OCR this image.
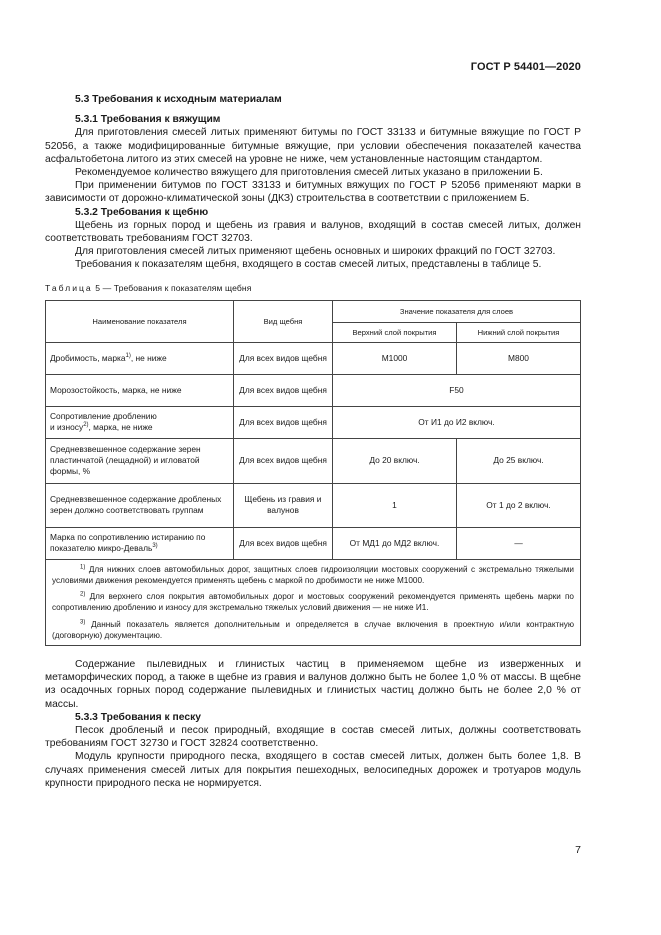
ГОСТ Р 54401—2020
5.3 Требования к исходным материалам
5.3.1 Требования к вяжущим

Для приготовления смесей литых применяют битумы по ГОСТ 33133 и битумные вяжущие по ГОСТ Р 52056, а также модифицированные битумные вяжущие, при условии обеспечения показателей качества асфальтобетона литого из этих смесей на уровне не ниже, чем установленные настоящим стандартом.

Рекомендуемое количество вяжущего для приготовления смесей литых указано в приложении Б.

При применении битумов по ГОСТ 33133 и битумных вяжущих по ГОСТ Р 52056 применяют марки в зависимости от дорожно-климатической зоны (ДКЗ) строительства в соответствии с приложением Б.

5.3.2 Требования к щебню

Щебень из горных пород и щебень из гравия и валунов, входящий в состав смесей литых, должен соответствовать требованиям ГОСТ 32703.

Для приготовления смесей литых применяют щебень основных и широких фракций по ГОСТ 32703.

Требования к показателям щебня, входящего в состав смесей литых, представлены в таблице 5.

Таблица 5 — Требования к показателям щебня
Наименование показателя	Вид щебня	Значение показателя для слоев	
		Верхний слой покрытия	Нижний слой покрытия
Дробимость, марка$^{1)}$, не ниже	Для всех видов щебня	М1000	М800
Морозостойкость, марка, не ниже	Для всех видов щебня	F50	
Сопротивление дроблению
и износу$^{2)}$, марка, не ниже	Для всех видов щебня	От И1 до И2 включ.	
Средневзвешенное содержание зерен пластинчатой (лещадной) и игловатой формы, %	Для всех видов щебня	До 20 включ.	До 25 включ.
Средневзвешенное содержание дробленых зерен должно соответствовать группам	Щебень из гравия и валунов	1	От 1 до 2 включ.
Марка по сопротивлению истиранию по показателю микро-Деваль$^{3)}$	Для всех видов щебня	От МД1 до МД2 включ.	—

$^{1)}$ Для нижних слоев автомобильных дорог, защитных слоев гидроизоляции мостовых сооружений с экстремально тяжелыми условиями движения рекомендуется применять щебень с маркой по дробимости не ниже М1000.

$^{2)}$ Для верхнего слоя покрытия автомобильных дорог и мостовых сооружений рекомендуется применять щебень марки по сопротивлению дроблению и износу для экстремально тяжелых условий движения — не ниже И1.

$^{3)}$ Данный показатель является дополнительным и определяется в случае включения в проектную и/или контрактную (договорную) документацию.			

Содержание пылевидных и глинистых частиц в применяемом щебне из изверженных и метаморфических пород, а также в щебне из гравия и валунов должно быть не более 1,0 % от массы. В щебне из осадочных горных пород содержание пылевидных и глинистых частиц должно быть не более 2,0 % от массы.

5.3.3 Требования к песку

Песок дробленый и песок природный, входящие в состав смесей литых, должны соответствовать требованиям ГОСТ 32730 и ГОСТ 32824 соответственно.

Модуль крупности природного песка, входящего в состав смесей литых, должен быть более 1,8. В случаях применения смесей литых для покрытия пешеходных, велосипедных дорожек и тротуаров модуль крупности природного песка не нормируется.

7
